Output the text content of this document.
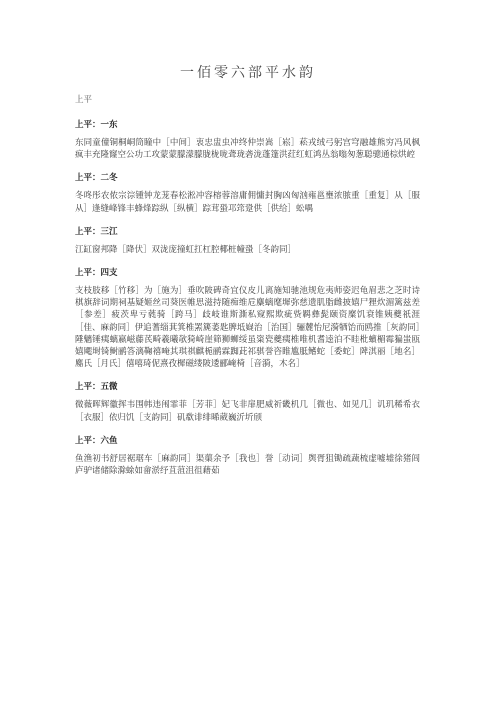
一佰零六部平水韵

上平

上平：一东

东同童僮铜桐峒筒瞳中［中间］衷忠盅虫冲终仲崇嵩［崧］菘戎绒弓躬宫穹融雄熊穷冯风枫疯丰充隆窿空公功工攻蒙蒙朦濛朦胧栊咙聋珑砻泷蓬篷洪荭红虹鸿丛翁嗡匆葱聪骢通棕烘崆

上平：二冬

冬咚彤农侬宗淙锺钟龙茏春松淞冲容榕蓉溶庸佣慵封胸凶匈汹雍邕壅浓脓重［重复］从［服从］逢缝峰锋丰蜂烽踪纵［纵横］踪茸蛩邛筇跫供［供给］蚣喁

上平：三江

江缸窗邦降［降伏］双泷庞撞虹扛杠腔椰桩幢蛩［冬韵同］

上平：四支

支枝肢移［竹移］为［施为］垂吹陂碑奇宜仪皮儿离施知驰池规危夷师姿迟龟眉悲之芝时诗棋旗辞词期祠基疑姬丝司葵医帷思滋持随痴维卮麋螭麾墀弥慈遗肌脂雌披嬉尸狸炊湄篱兹差［参差］疲茨卑亏蕤骑［跨马］歧岐谁斯澌私窥熙欺疵赀羁彝髭颐资糜饥衰锥姨夔祇涯［佳、麻韵同］伊追蓍缁萁箕椎罴篪萎匙脾坻嶷治［治国］骊麓怡尼漪牺饴而鸥推［灰韵同］陲魑锤痍螭嬴嵫藤芪畸羲曦欹猗崎崖筛狮蛳绥虽粢瓷夔痍椎唯机耆逵泊不眭枇蠙楣霉猵蚩瓯嬉飔埘锜鲥鹂答漓鞠禧唵其琪祺麒栀鹂霖踟茈祁骐誉咨睢尴胝鳍蛇［委蛇］陴淇丽［地名］䴥氏［月氏］僖嘻琦伲熹孜樨磁缕陂逶郦崦椅［音漪，木名］

上平：五微

微薇晖辉徽挥韦围帏违闱霏菲［芳菲］妃飞非扉肥威祈畿机几［微也、如见几］讥玑稀希衣［衣服］依归饥［支韵同］矶欷诽绯晞葳巍沂圻颀

上平：六鱼

鱼渔初书舒居裾琚车［麻韵同］渠蕖余予［我也］誉［动词］舆胥狙锄疏蔬梳虚嘘墟徐猪闾庐驴诸储除滁蜍如畲淤纾苴菹沮徂藉茹
